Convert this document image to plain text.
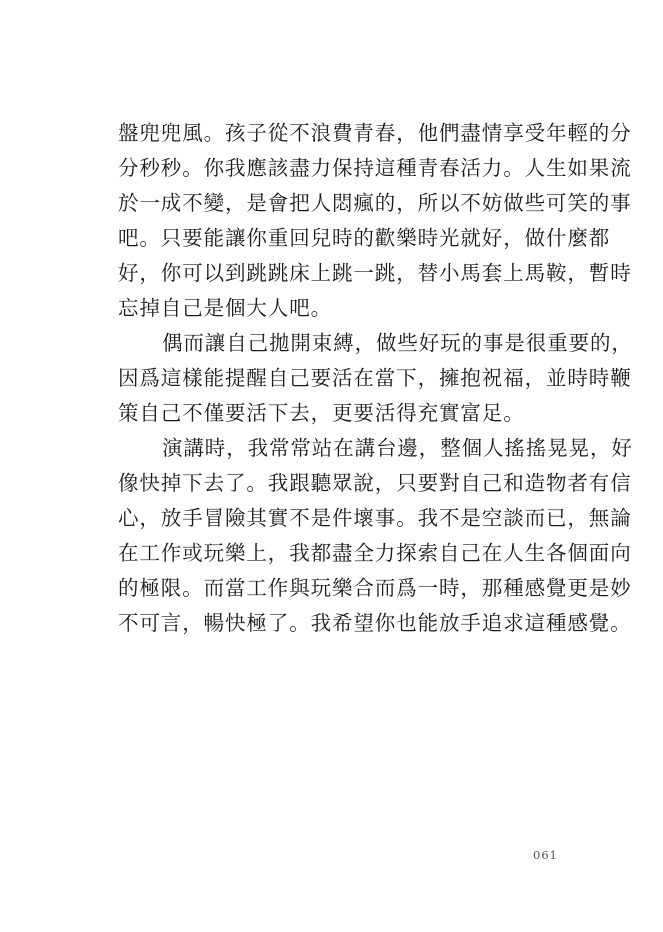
盤兜兜風。孩子從不浪費青春，他們盡情享受年輕的分
分秒秒。你我應該盡力保持這種青春活力。人生如果流
於一成不變，是會把人悶瘋的，所以不妨做些可笑的事
吧。只要能讓你重回兒時的歡樂時光就好，做什麼都
好，你可以到跳跳床上跳一跳，替小馬套上馬鞍，暫時
忘掉自己是個大人吧。
偶而讓自己拋開束縛，做些好玩的事是很重要的，
因爲這樣能提醒自己要活在當下，擁抱祝福，並時時鞭
策自己不僅要活下去，更要活得充實富足。
演講時，我常常站在講台邊，整個人搖搖晃晃，好
像快掉下去了。我跟聽眾說，只要對自己和造物者有信
心，放手冒險其實不是件壞事。我不是空談而已，無論
在工作或玩樂上，我都盡全力探索自己在人生各個面向
的極限。而當工作與玩樂合而爲一時，那種感覺更是妙
不可言，暢快極了。我希望你也能放手追求這種感覺。
061
